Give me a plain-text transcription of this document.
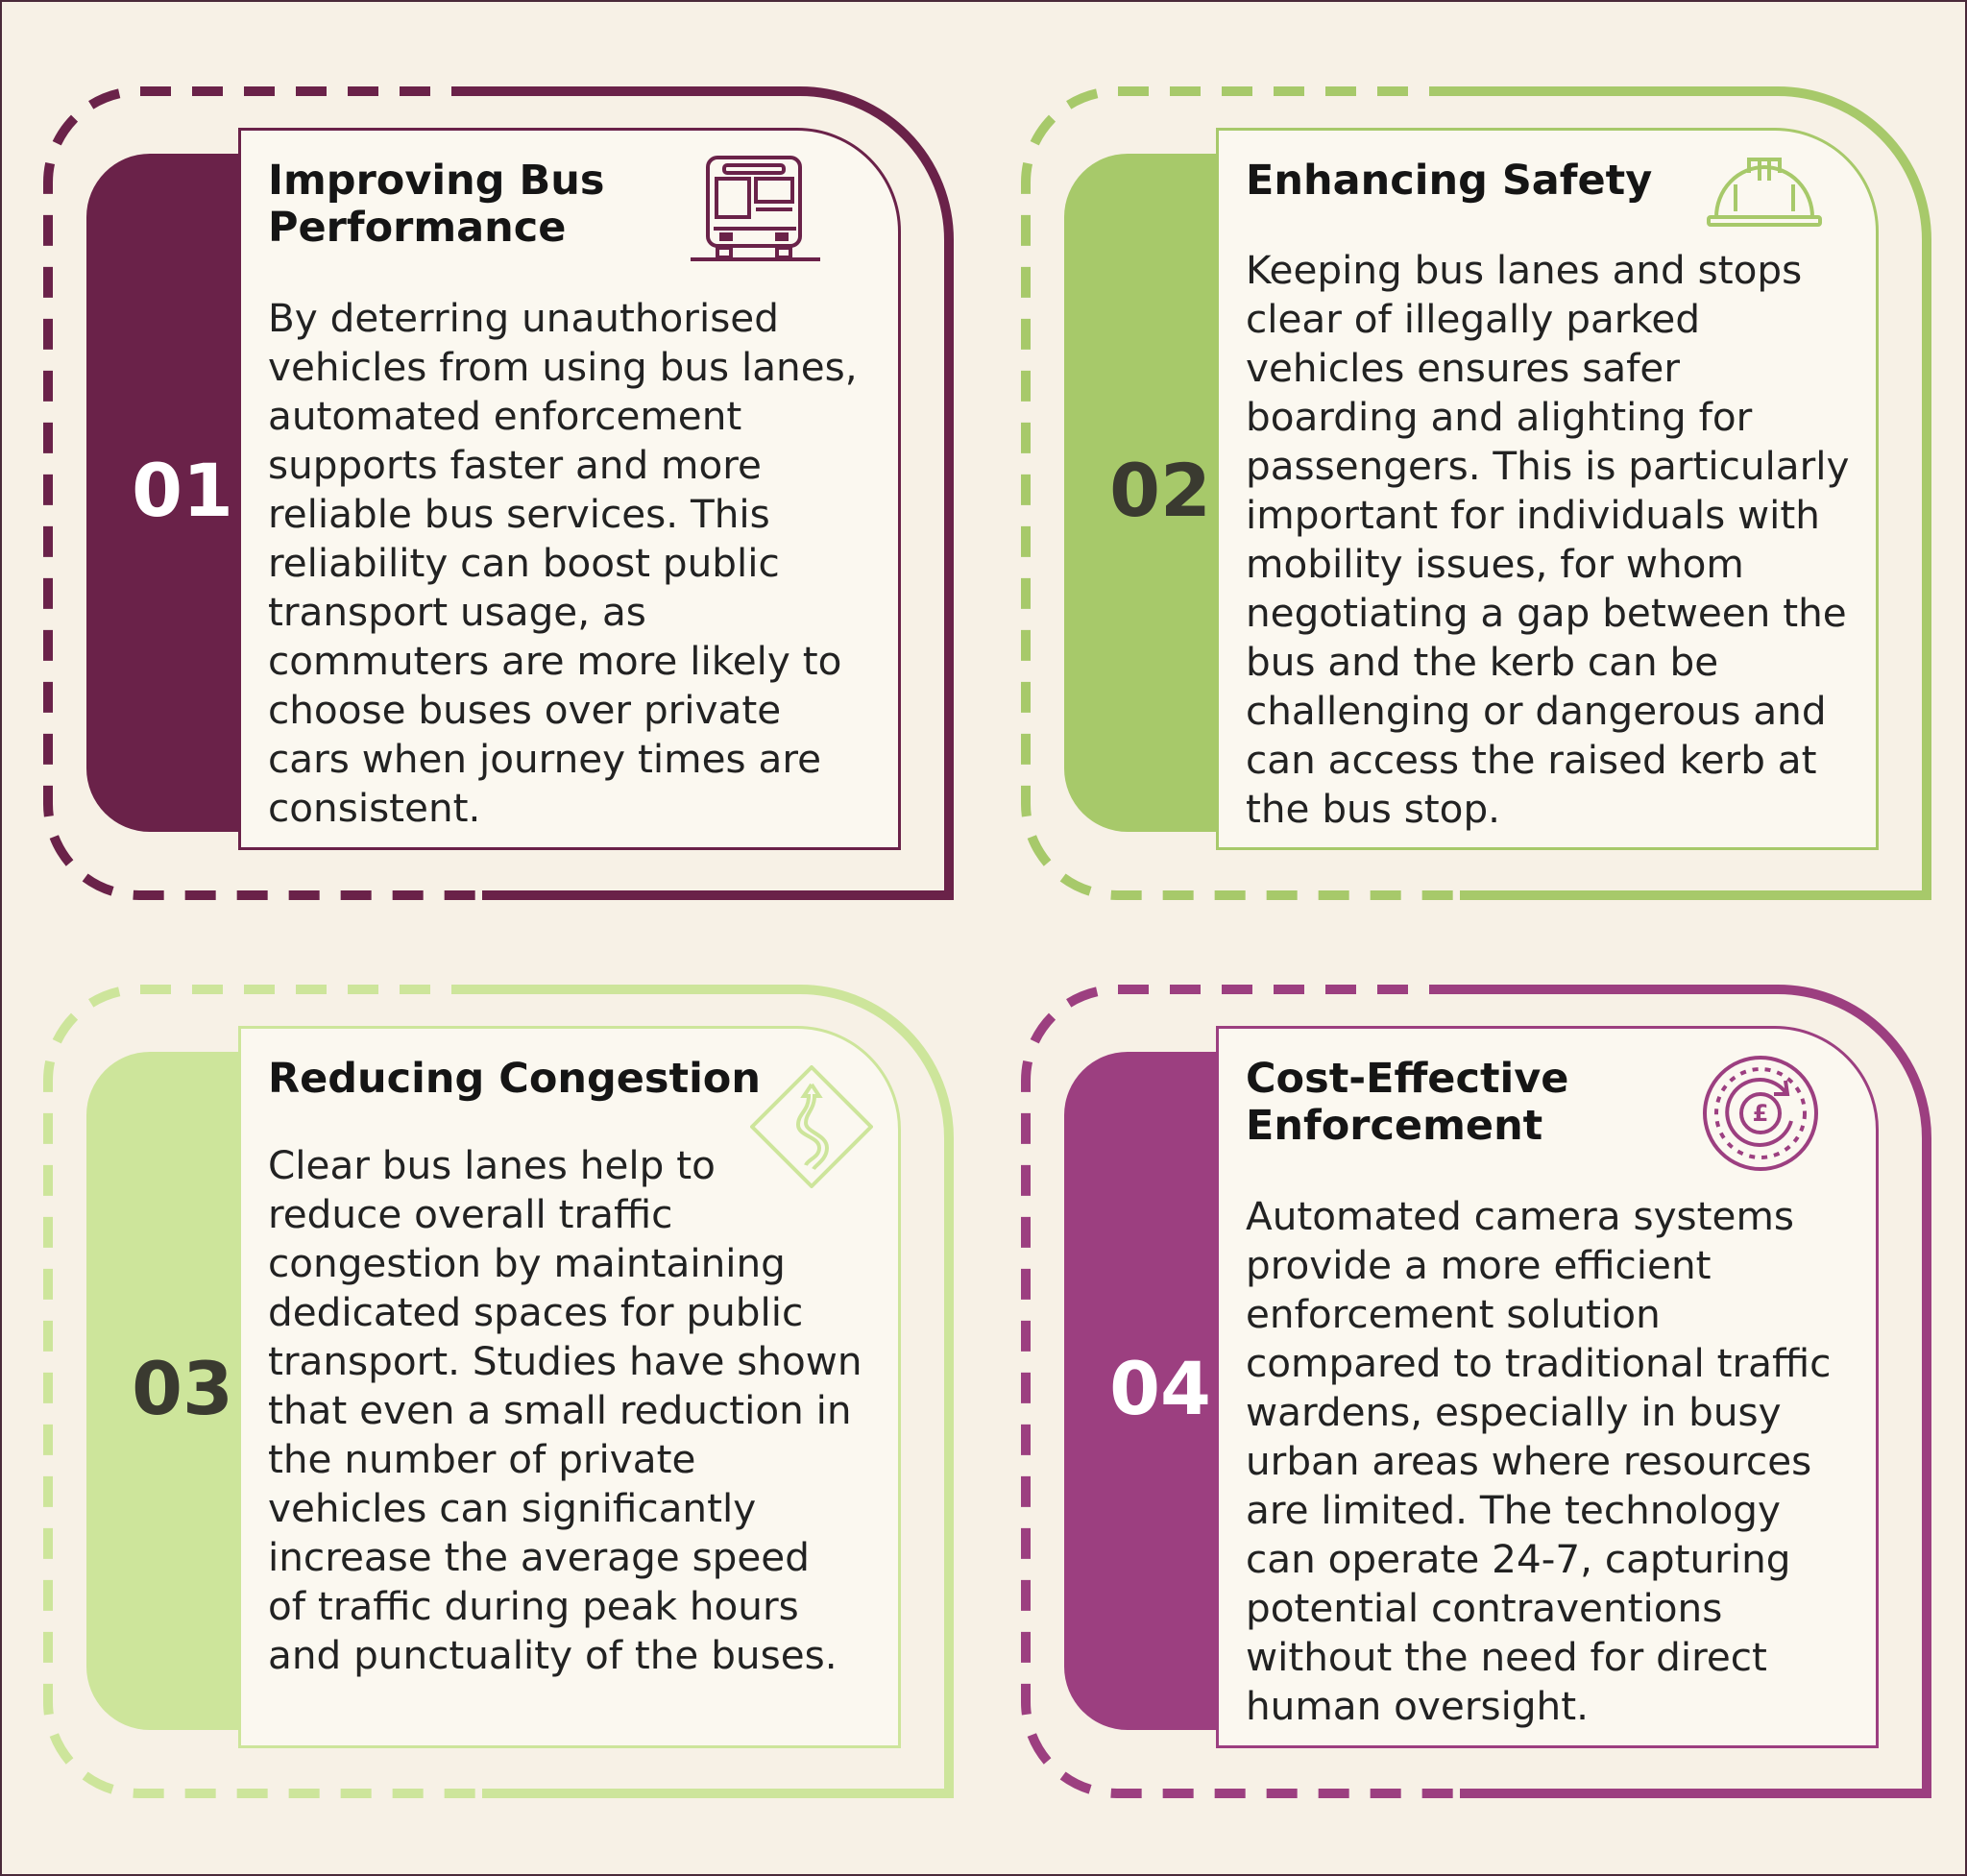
01
Improving Bus
Performance

By deterring unauthorised
vehicles from using bus lanes,
automated enforcement
supports faster and more
reliable bus services. This
reliability can boost public
transport usage, as
commuters are more likely to
choose buses over private
cars when journey times are
consistent.

02
Enhancing Safety

Keeping bus lanes and stops
clear of illegally parked
vehicles ensures safer
boarding and alighting for
passengers. This is particularly
important for individuals with
mobility issues, for whom
negotiating a gap between the
bus and the kerb can be
challenging or dangerous and
can access the raised kerb at
the bus stop.

03
Reducing Congestion

Clear bus lanes help to
reduce overall traffic
congestion by maintaining
dedicated spaces for public
transport. Studies have shown
that even a small reduction in
the number of private
vehicles can significantly
increase the average speed
of traffic during peak hours
and punctuality of the buses.

04
Cost-Effective
Enforcement	£

Automated camera systems
provide a more efficient
enforcement solution
compared to traditional traffic
wardens, especially in busy
urban areas where resources
are limited. The technology
can operate 24-7, capturing
potential contraventions
without the need for direct
human oversight.
